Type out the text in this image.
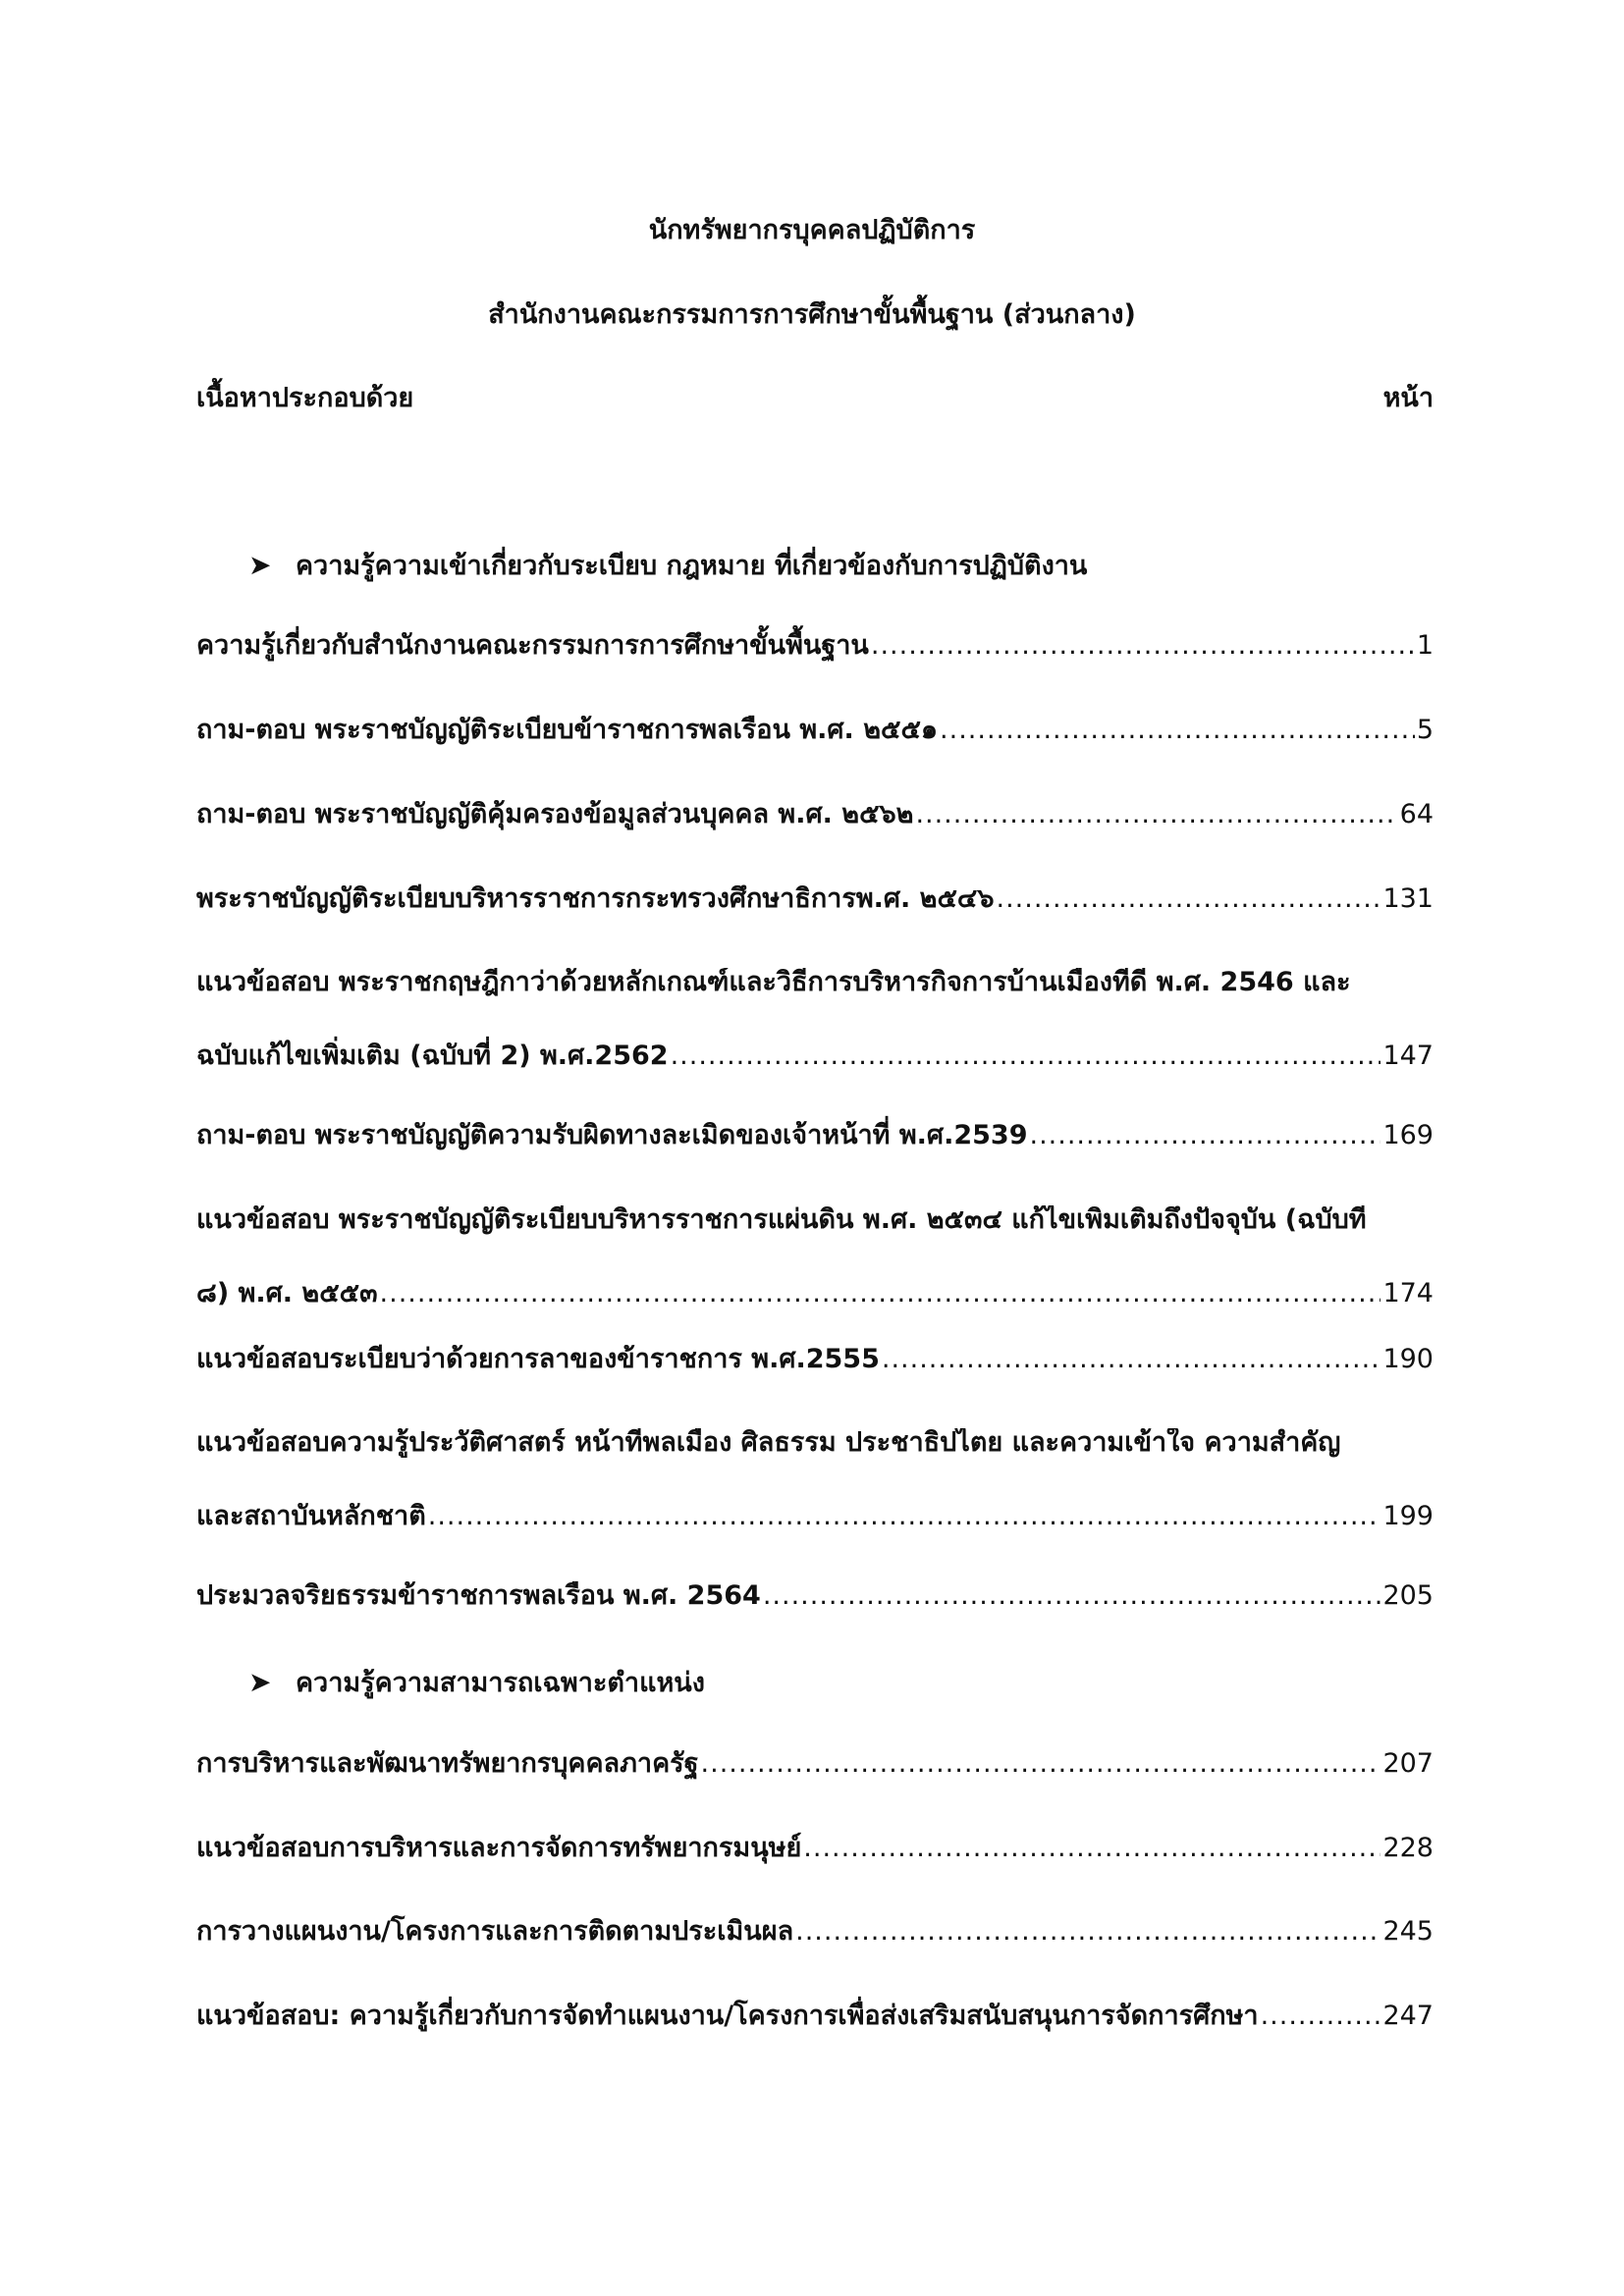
นักทรัพยากรบุคคลปฏิบัติการ
สำนักงานคณะกรรมการการศึกษาขั้นพื้นฐาน (ส่วนกลาง)
เนื้อหาประกอบด้วย	หน้า
➤ ความรู้ความเข้าเกี่ยวกับระเบียบ กฎหมาย ที่เกี่ยวข้องกับการปฏิบัติงาน
ความรู้เกี่ยวกับสำนักงานคณะกรรมการการศึกษาขั้นพื้นฐาน .....	1
ถาม-ตอบ พระราชบัญญัติระเบียบข้าราชการพลเรือน พ.ศ. ๒๕๕๑ .....	5
ถาม-ตอบ พระราชบัญญัติคุ้มครองข้อมูลส่วนบุคคล พ.ศ. ๒๕๖๒ .....	64
พระราชบัญญัติระเบียบบริหารราชการกระทรวงศึกษาธิการพ.ศ. ๒๕๔๖ .....	131
แนวข้อสอบ พระราชกฤษฎีกาว่าด้วยหลักเกณฑ์และวิธีการบริหารกิจการบ้านเมืองที่ดี พ.ศ. 2546 และ
ฉบับแก้ไขเพิ่มเติม (ฉบับที่ 2) พ.ศ.2562 .....	147
ถาม-ตอบ พระราชบัญญัติความรับผิดทางละเมิดของเจ้าหน้าที่ พ.ศ.2539 .....	169
แนวข้อสอบ พระราชบัญญัติระเบียบบริหารราชการแผ่นดิน พ.ศ. ๒๕๓๔ แก้ไขเพิ่มเติมถึงปัจจุบัน (ฉบับที่
๘) พ.ศ. ๒๕๕๓ .....	174
แนวข้อสอบระเบียบว่าด้วยการลาของข้าราชการ พ.ศ.2555 .....	190
แนวข้อสอบความรู้ประวัติศาสตร์ หน้าที่พลเมือง ศิลธรรม ประชาธิปไตย และความเข้าใจ ความสำคัญ
และสถาบันหลักชาติ .....	199
ประมวลจริยธรรมข้าราชการพลเรือน พ.ศ. 2564 .....	205
➤ ความรู้ความสามารถเฉพาะตำแหน่ง
การบริหารและพัฒนาทรัพยากรบุคคลภาครัฐ .....	207
แนวข้อสอบการบริหารและการจัดการทรัพยากรมนุษย์ .....	228
การวางแผนงาน/โครงการและการติดตามประเมินผล .....	245
แนวข้อสอบ: ความรู้เกี่ยวกับการจัดทำแผนงาน/โครงการเพื่อส่งเสริมสนับสนุนการจัดการศึกษา .....	247
